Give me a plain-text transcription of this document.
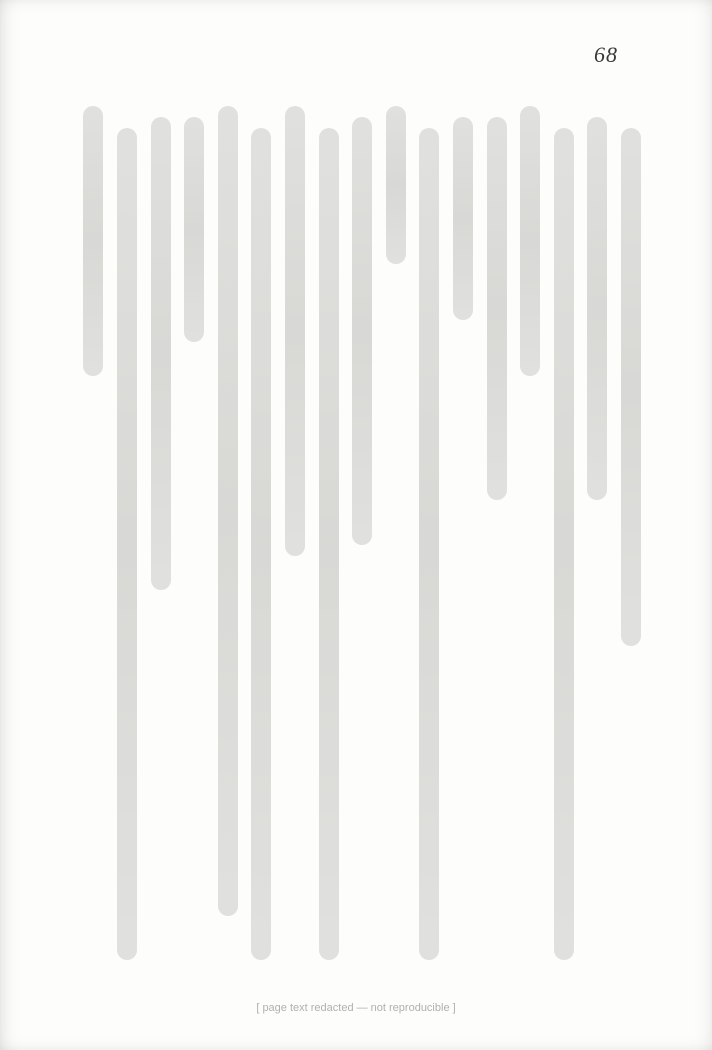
68
[ page text redacted — not reproducible ]
